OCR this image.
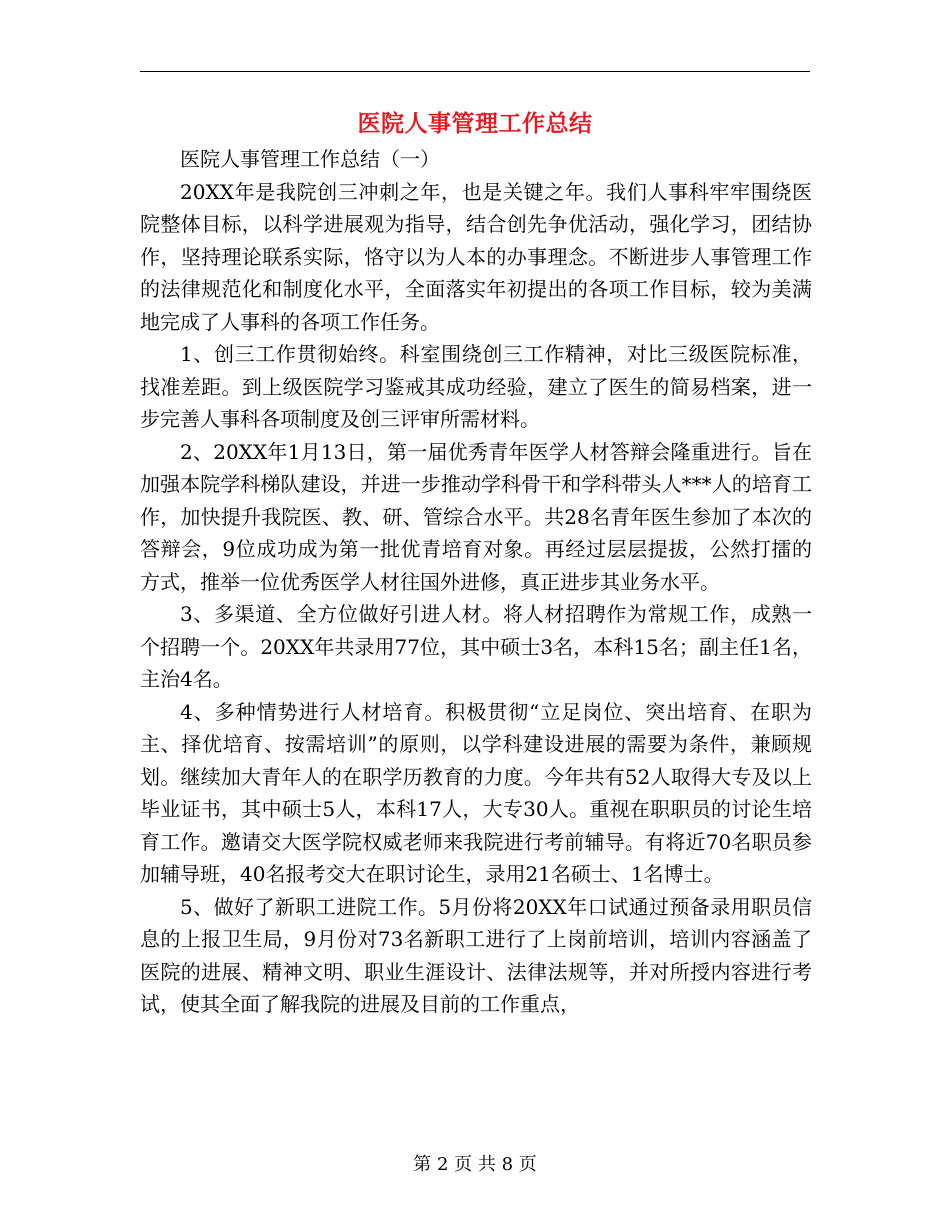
医院人事管理工作总结

医院人事管理工作总结（一）

20XX年是我院创三冲刺之年，也是关键之年。我们人事科牢牢围绕医院整体目标，以科学进展观为指导，结合创先争优活动，强化学习，团结协作，坚持理论联系实际，恪守以为人本的办事理念。不断进步人事管理工作的法律规范化和制度化水平，全面落实年初提出的各项工作目标，较为美满地完成了人事科的各项工作任务。

1、创三工作贯彻始终。科室围绕创三工作精神，对比三级医院标准，找准差距。到上级医院学习鉴戒其成功经验，建立了医生的简易档案，进一步完善人事科各项制度及创三评审所需材料。

2、20XX年1月13日，第一届优秀青年医学人材答辩会隆重进行。旨在加强本院学科梯队建设，并进一步推动学科骨干和学科带头人***人的培育工作，加快提升我院医、教、研、管综合水平。共28名青年医生参加了本次的答辩会，9位成功成为第一批优青培育对象。再经过层层提拔，公然打擂的方式，推举一位优秀医学人材往国外进修，真正进步其业务水平。

3、多渠道、全方位做好引进人材。将人材招聘作为常规工作，成熟一个招聘一个。20XX年共录用77位，其中硕士3名，本科15名；副主任1名，主治4名。

4、多种情势进行人材培育。积极贯彻“立足岗位、突出培育、在职为主、择优培育、按需培训”的原则，以学科建设进展的需要为条件，兼顾规划。继续加大青年人的在职学历教育的力度。今年共有52人取得大专及以上毕业证书，其中硕士5人，本科17人，大专30人。重视在职职员的讨论生培育工作。邀请交大医学院权威老师来我院进行考前辅导。有将近70名职员参加辅导班，40名报考交大在职讨论生，录用21名硕士、1名博士。

5、做好了新职工进院工作。5月份将20XX年口试通过预备录用职员信息的上报卫生局，9月份对73名新职工进行了上岗前培训，培训内容涵盖了医院的进展、精神文明、职业生涯设计、法律法规等，并对所授内容进行考试，使其全面了解我院的进展及目前的工作重点，

第 2 页 共 8 页
